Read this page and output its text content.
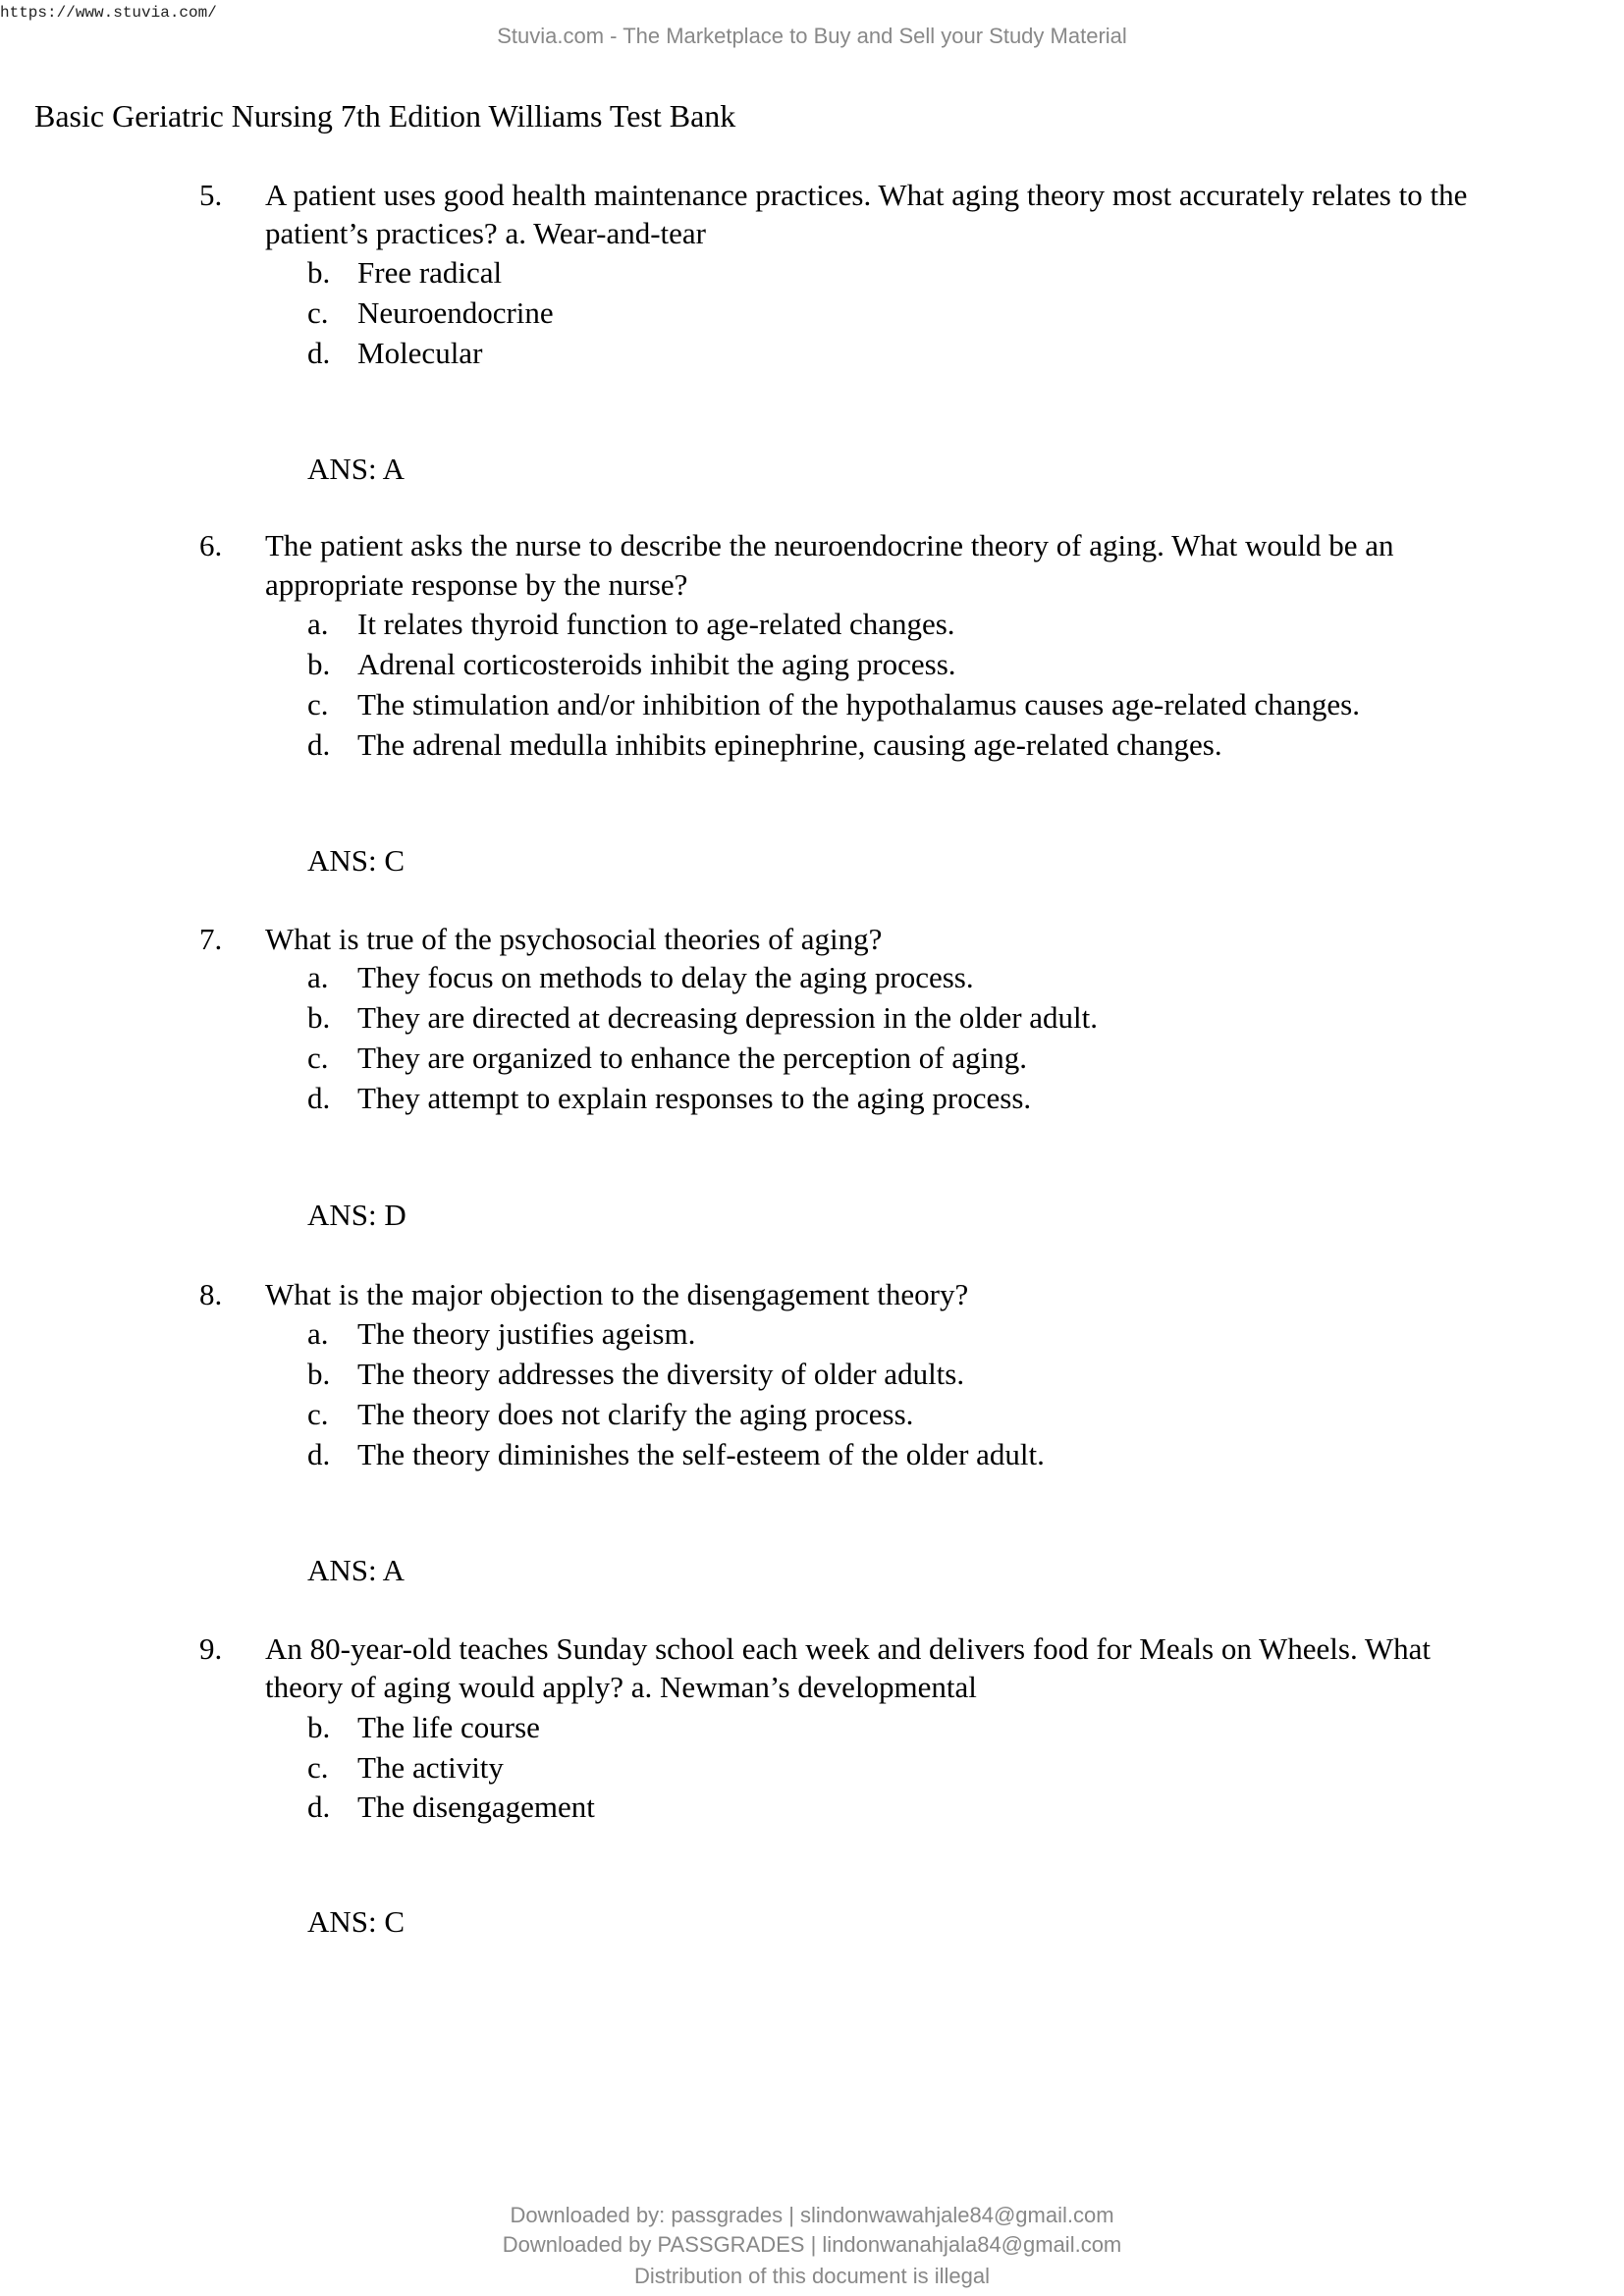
https://www.stuvia.com/
Stuvia.com - The Marketplace to Buy and Sell your Study Material
Basic Geriatric Nursing 7th Edition Williams Test Bank
5. A patient uses good health maintenance practices. What aging theory most accurately relates to the
patient’s practices? a. Wear-and-tear
b. Free radical
c. Neuroendocrine
d. Molecular
ANS: A
6. The patient asks the nurse to describe the neuroendocrine theory of aging. What would be an
appropriate response by the nurse?
a. It relates thyroid function to age-related changes.
b. Adrenal corticosteroids inhibit the aging process.
c. The stimulation and/or inhibition of the hypothalamus causes age-related changes.
d. The adrenal medulla inhibits epinephrine, causing age-related changes.
ANS: C
7. What is true of the psychosocial theories of aging?
a. They focus on methods to delay the aging process.
b. They are directed at decreasing depression in the older adult.
c. They are organized to enhance the perception of aging.
d. They attempt to explain responses to the aging process.
ANS: D
8. What is the major objection to the disengagement theory?
a. The theory justifies ageism.
b. The theory addresses the diversity of older adults.
c. The theory does not clarify the aging process.
d. The theory diminishes the self-esteem of the older adult.
ANS: A
9. An 80-year-old teaches Sunday school each week and delivers food for Meals on Wheels. What
theory of aging would apply? a. Newman’s developmental
b. The life course
c. The activity
d. The disengagement
ANS: C
Downloaded by: passgrades | slindonwawahjale84@gmail.com
Downloaded by PASSGRADES | lindonwanahjala84@gmail.com
Distribution of this document is illegal
